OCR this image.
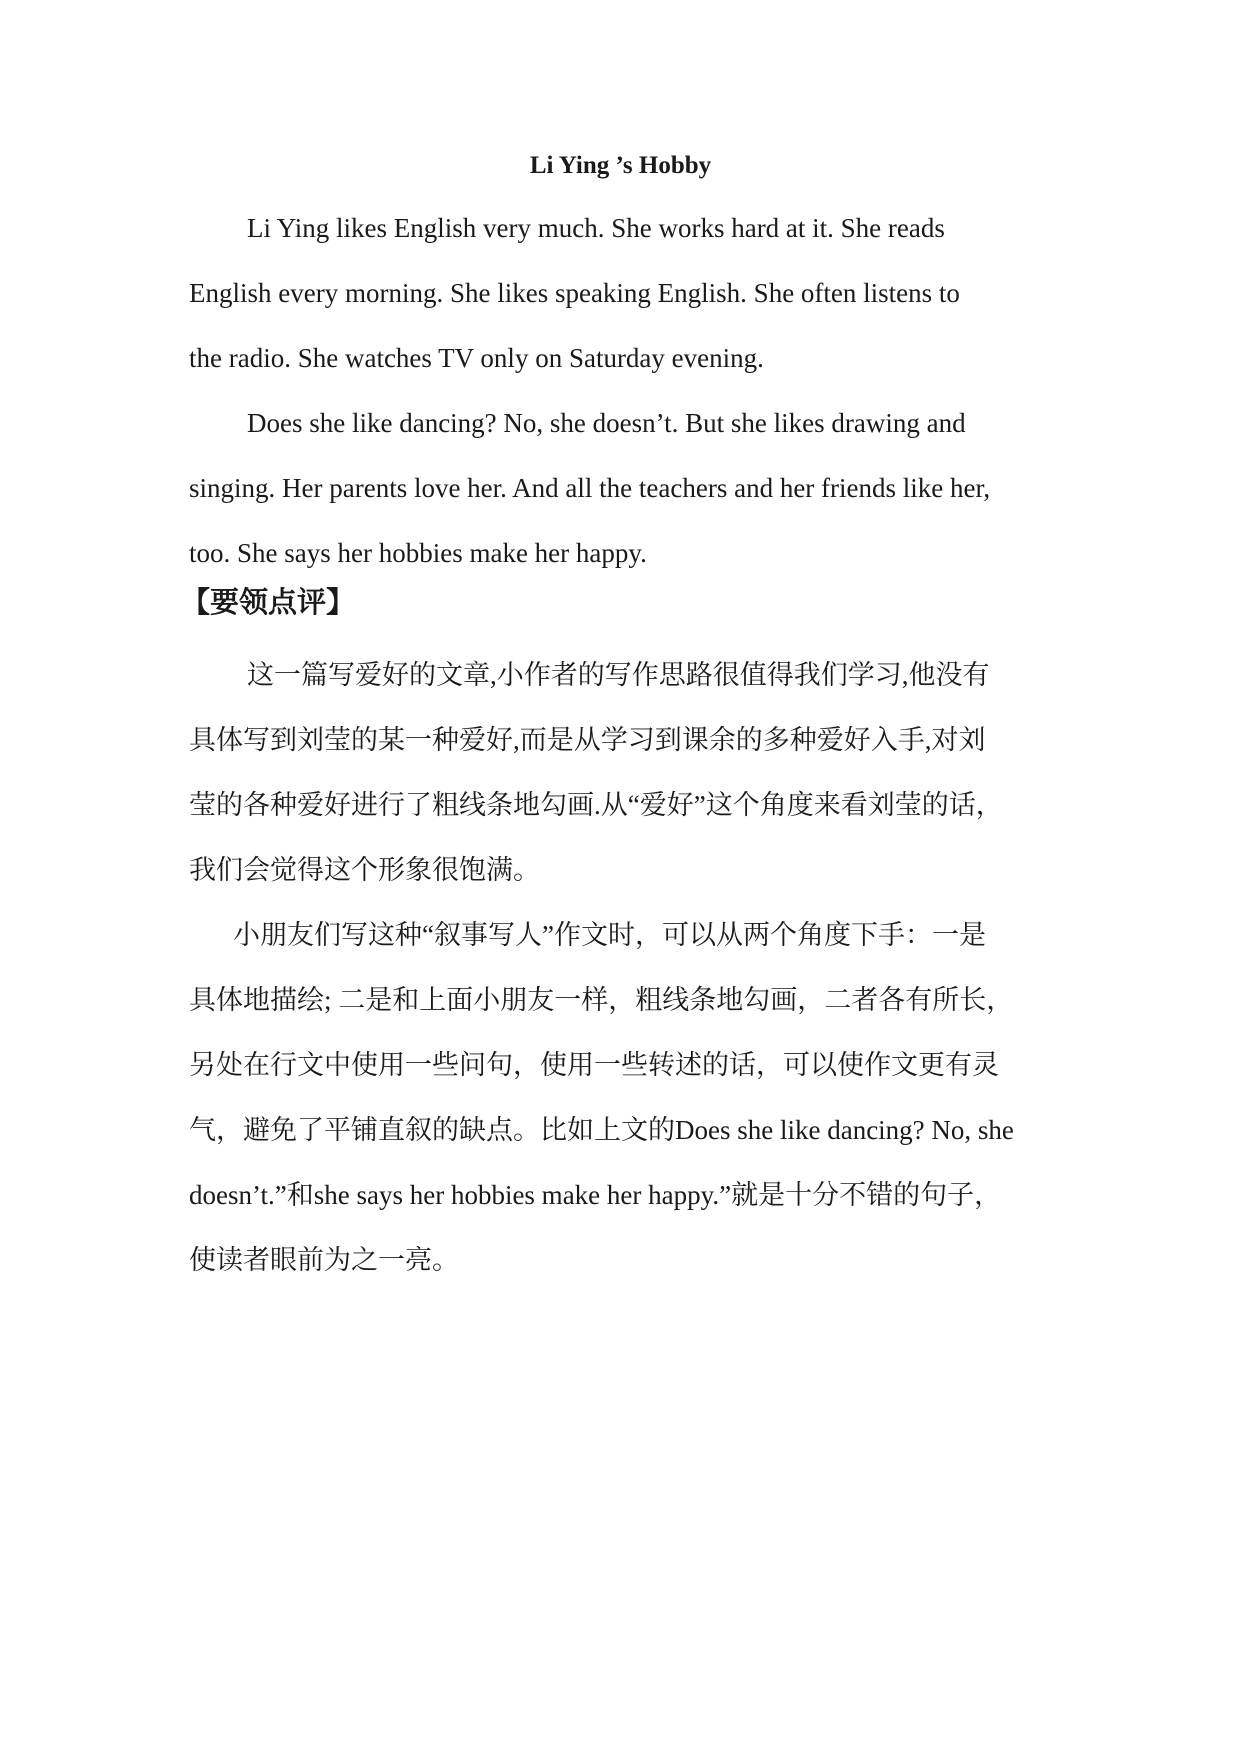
Li Ying ’s Hobby

Li Ying likes English very much. She works hard at it. She reads
English every morning. She likes speaking English. She often listens to
the radio. She watches TV only on Saturday evening.

Does she like dancing? No, she doesn’t. But she likes drawing and
singing. Her parents love her. And all the teachers and her friends like her,
too. She says her hobbies make her happy.

【要领点评】

这一篇写爱好的文章,小作者的写作思路很值得我们学习,他没有
具体写到刘莹的某一种爱好,而是从学习到课余的多种爱好入手,对刘
莹的各种爱好进行了粗线条地勾画.从“爱好”这个角度来看刘莹的话，
我们会觉得这个形象很饱满。

小朋友们写这种“叙事写人”作文时，可以从两个角度下手：一是
具体地描绘; 二是和上面小朋友一样，粗线条地勾画，二者各有所长，
另处在行文中使用一些问句，使用一些转述的话，可以使作文更有灵
气，避免了平铺直叙的缺点。比如上文的Does she like dancing? No, she
doesn’t.”和she says her hobbies make her happy.”就是十分不错的句子，
使读者眼前为之一亮。
